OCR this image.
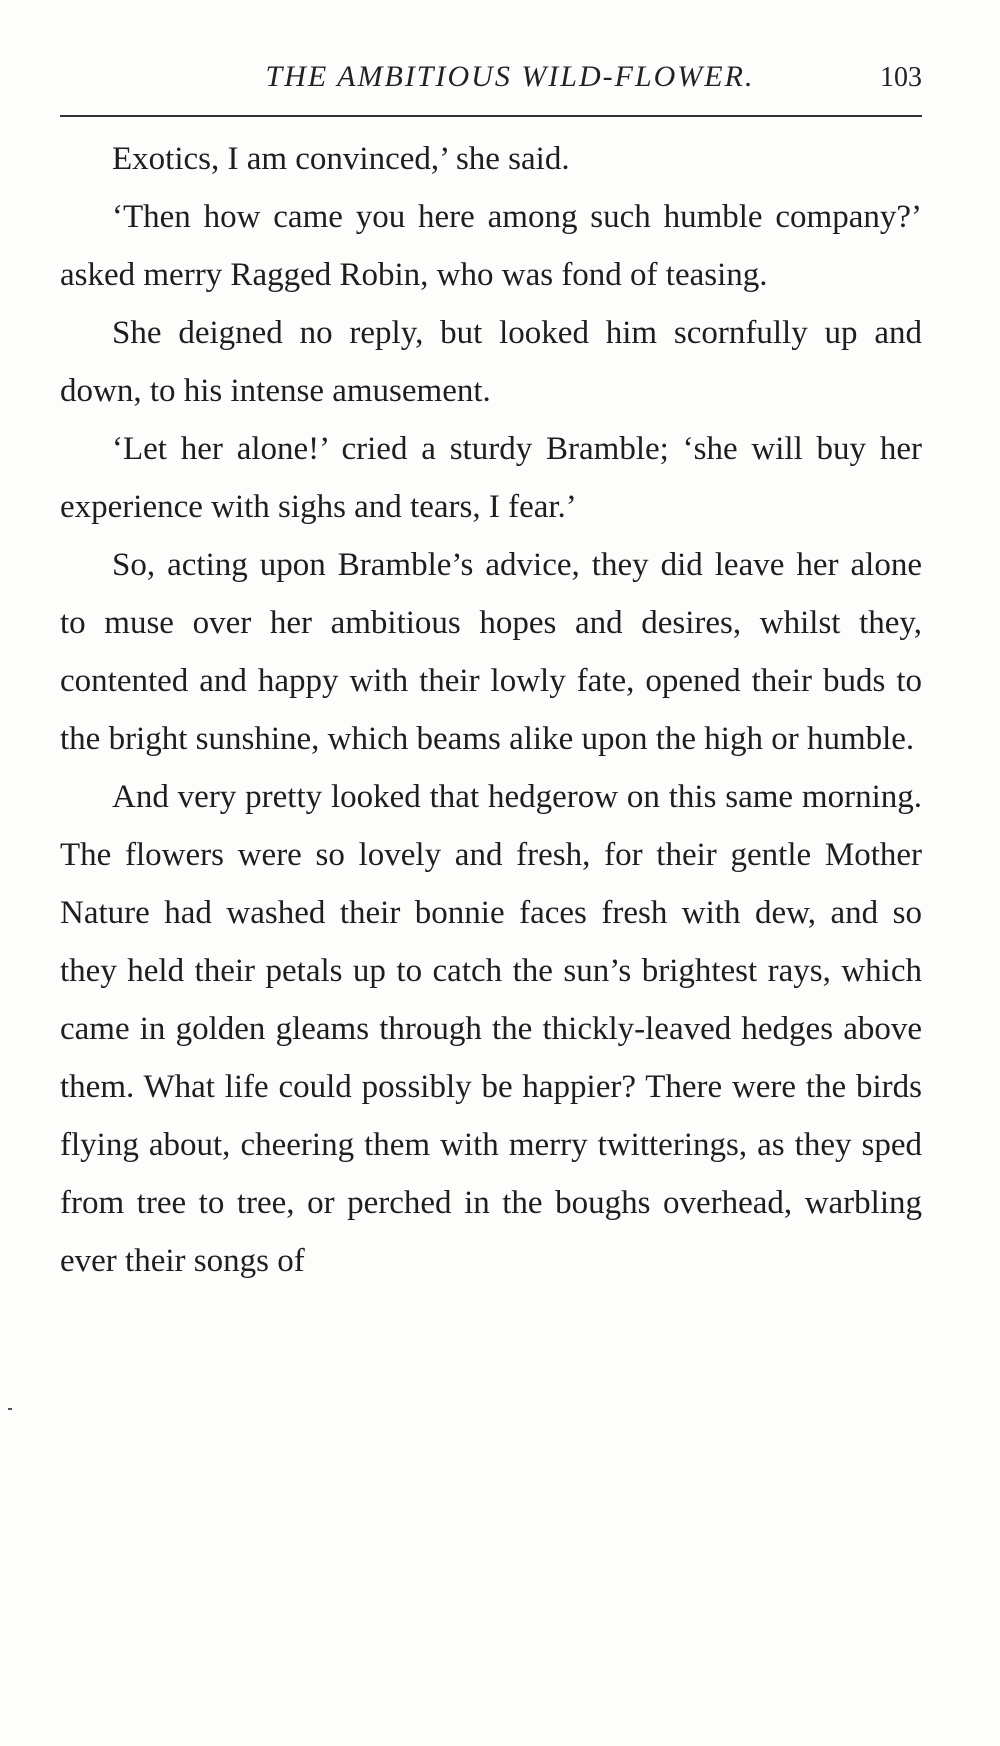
THE AMBITIOUS WILD-FLOWER.	103

Exotics, I am convinced,’ she said.

‘Then how came you here among such humble company?’ asked merry Ragged Robin, who was fond of teasing.

She deigned no reply, but looked him scornfully up and down, to his intense amusement.

‘Let her alone!’ cried a sturdy Bramble; ‘she will buy her experience with sighs and tears, I fear.’

So, acting upon Bramble’s advice, they did leave her alone to muse over her ambitious hopes and desires, whilst they, contented and happy with their lowly fate, opened their buds to the bright sunshine, which beams alike upon the high or humble.

And very pretty looked that hedgerow on this same morning. The flowers were so lovely and fresh, for their gentle Mother Nature had washed their bonnie faces fresh with dew, and so they held their petals up to catch the sun’s brightest rays, which came in golden gleams through the thickly-leaved hedges above them. What life could possibly be happier? There were the birds flying about, cheering them with merry twitterings, as they sped from tree to tree, or perched in the boughs overhead, warbling ever their songs of
